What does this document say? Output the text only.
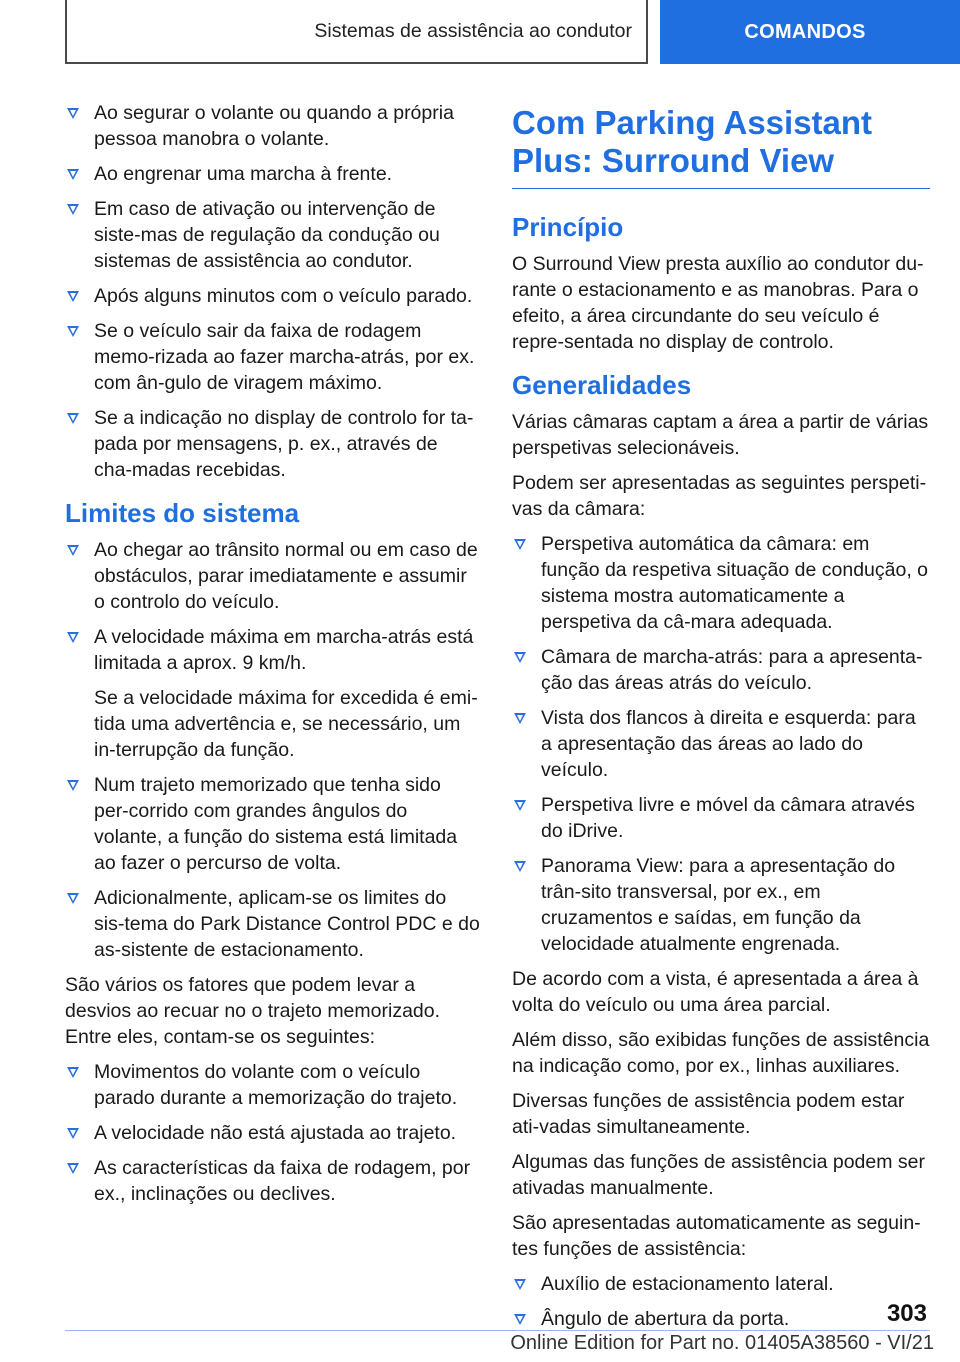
Sistemas de assistência ao condutor	COMANDOS
Ao segurar o volante ou quando a própria pessoa manobra o volante.
Ao engrenar uma marcha à frente.
Em caso de ativação ou intervenção de siste-mas de regulação da condução ou sistemas de assistência ao condutor.
Após alguns minutos com o veículo parado.
Se o veículo sair da faixa de rodagem memo-rizada ao fazer marcha-atrás, por ex. com ân-gulo de viragem máximo.
Se a indicação no display de controlo for ta-pada por mensagens, p. ex., através de cha-madas recebidas.
Limites do sistema
Ao chegar ao trânsito normal ou em caso de obstáculos, parar imediatamente e assumir o controlo do veículo.
A velocidade máxima em marcha-atrás está limitada a aprox. 9 km/h.
Se a velocidade máxima for excedida é emi-tida uma advertência e, se necessário, um in-terrupção da função.
Num trajeto memorizado que tenha sido per-corrido com grandes ângulos do volante, a função do sistema está limitada ao fazer o percurso de volta.
Adicionalmente, aplicam-se os limites do sis-tema do Park Distance Control PDC e do as-sistente de estacionamento.

São vários os fatores que podem levar a desvios ao recuar no o trajeto memorizado. Entre eles, contam-se os seguintes:

Movimentos do volante com o veículo parado durante a memorização do trajeto.
A velocidade não está ajustada ao trajeto.
As características da faixa de rodagem, por ex., inclinações ou declives.
Com Parking Assistant Plus: Surround View
Princípio

O Surround View presta auxílio ao condutor du-rante o estacionamento e as manobras. Para o efeito, a área circundante do seu veículo é repre-sentada no display de controlo.

Generalidades

Várias câmaras captam a área a partir de várias perspetivas selecionáveis.

Podem ser apresentadas as seguintes perspeti-vas da câmara:

Perspetiva automática da câmara: em função da respetiva situação de condução, o sistema mostra automaticamente a perspetiva da câ-mara adequada.
Câmara de marcha-atrás: para a apresenta-ção das áreas atrás do veículo.
Vista dos flancos à direita e esquerda: para a apresentação das áreas ao lado do veículo.
Perspetiva livre e móvel da câmara através do iDrive.
Panorama View: para a apresentação do trân-sito transversal, por ex., em cruzamentos e saídas, em função da velocidade atualmente engrenada.

De acordo com a vista, é apresentada a área à volta do veículo ou uma área parcial.

Além disso, são exibidas funções de assistência na indicação como, por ex., linhas auxiliares.

Diversas funções de assistência podem estar ati-vadas simultaneamente.

Algumas das funções de assistência podem ser ativadas manualmente.

São apresentadas automaticamente as seguin-tes funções de assistência:

Auxílio de estacionamento lateral.
Ângulo de abertura da porta.	303
Online Edition for Part no. 01405A38560 - VI/21
